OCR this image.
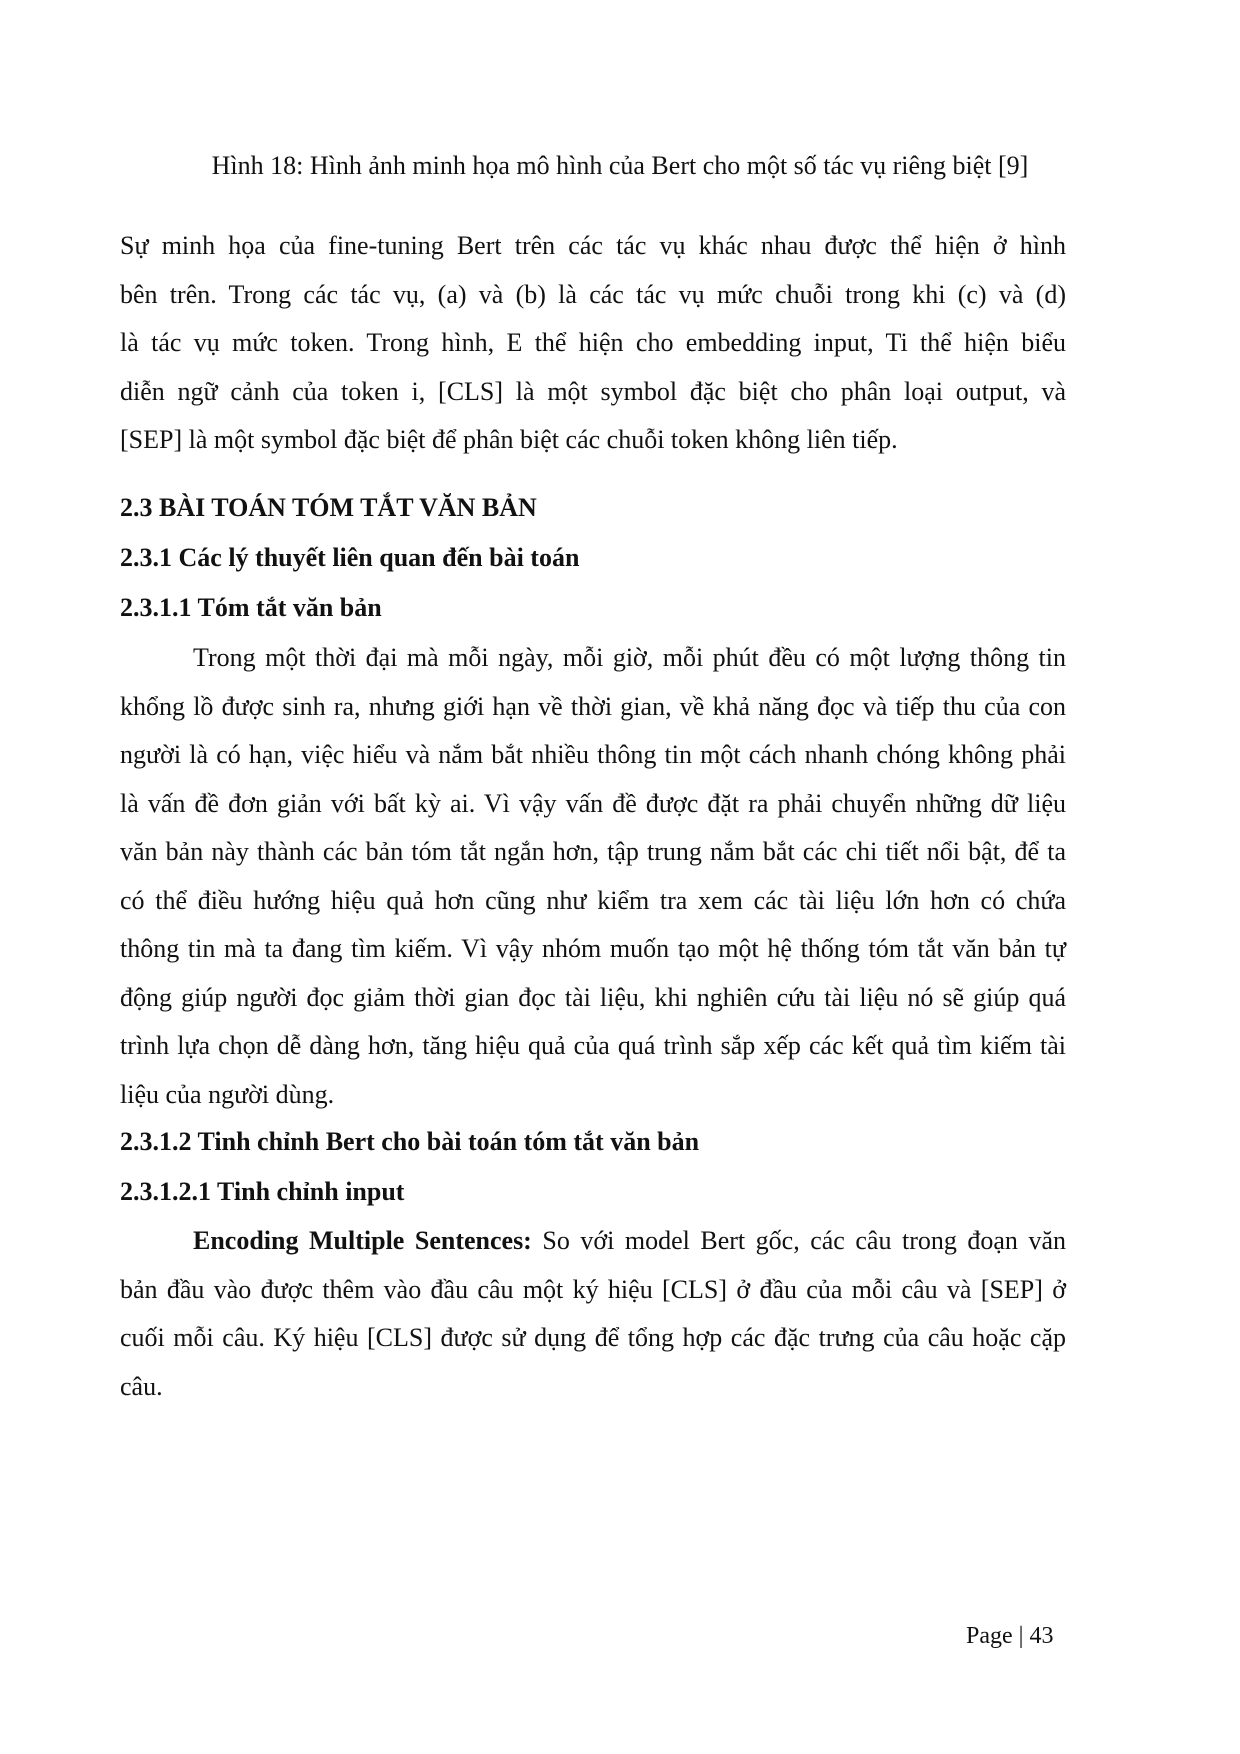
Hình 18: Hình ảnh minh họa mô hình của Bert cho một số tác vụ riêng biệt [9]
Sự minh họa của fine-tuning Bert trên các tác vụ khác nhau được thể hiện ở hình
bên trên. Trong các tác vụ, (a) và (b) là các tác vụ mức chuỗi trong khi (c) và (d)
là tác vụ mức token. Trong hình, E thể hiện cho embedding input, Ti thể hiện biểu
diễn ngữ cảnh của token i, [CLS] là một symbol đặc biệt cho phân loại output, và
[SEP] là một symbol đặc biệt để phân biệt các chuỗi token không liên tiếp.
2.3 BÀI TOÁN TÓM TẮT VĂN BẢN
2.3.1 Các lý thuyết liên quan đến bài toán
2.3.1.1 Tóm tắt văn bản
Trong một thời đại mà mỗi ngày, mỗi giờ, mỗi phút đều có một lượng thông tin
khổng lồ được sinh ra, nhưng giới hạn về thời gian, về khả năng đọc và tiếp thu của con
người là có hạn, việc hiểu và nắm bắt nhiều thông tin một cách nhanh chóng không phải
là vấn đề đơn giản với bất kỳ ai. Vì vậy vấn đề được đặt ra phải chuyển những dữ liệu
văn bản này thành các bản tóm tắt ngắn hơn, tập trung nắm bắt các chi tiết nổi bật, để ta
có thể điều hướng hiệu quả hơn cũng như kiểm tra xem các tài liệu lớn hơn có chứa
thông tin mà ta đang tìm kiếm. Vì vậy nhóm muốn tạo một hệ thống tóm tắt văn bản tự
động giúp người đọc giảm thời gian đọc tài liệu, khi nghiên cứu tài liệu nó sẽ giúp quá
trình lựa chọn dễ dàng hơn, tăng hiệu quả của quá trình sắp xếp các kết quả tìm kiếm tài
liệu của người dùng.
2.3.1.2 Tinh chỉnh Bert cho bài toán tóm tắt văn bản
2.3.1.2.1 Tinh chỉnh input
Encoding Multiple Sentences: So với model Bert gốc, các câu trong đoạn văn
bản đầu vào được thêm vào đầu câu một ký hiệu [CLS] ở đầu của mỗi câu và [SEP] ở
cuối mỗi câu. Ký hiệu [CLS] được sử dụng để tổng hợp các đặc trưng của câu hoặc cặp
câu.
Page | 43
